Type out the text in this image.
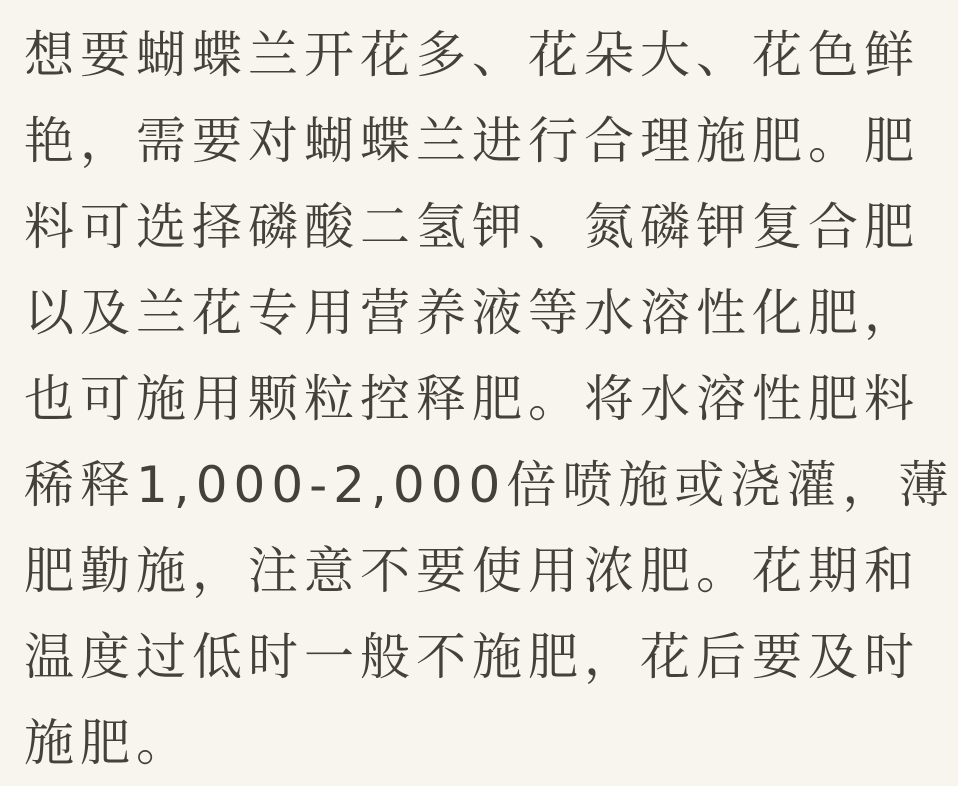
想要蝴蝶兰开花多、花朵大、花色鲜
艳，需要对蝴蝶兰进行合理施肥。肥
料可选择磷酸二氢钾、氮磷钾复合肥
以及兰花专用营养液等水溶性化肥，
也可施用颗粒控释肥。将水溶性肥料
稀释1,000-2,000倍喷施或浇灌，薄
肥勤施，注意不要使用浓肥。花期和
温度过低时一般不施肥，花后要及时
施肥。
